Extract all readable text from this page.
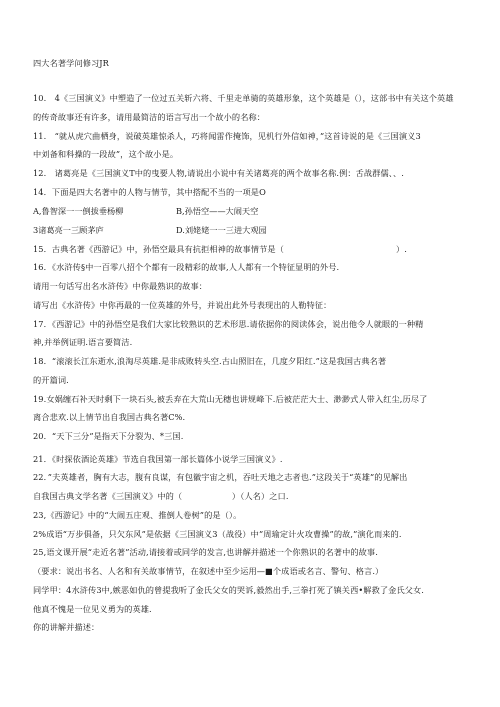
四大名著学问修习JR
10.　4《三国演义》中塑造了一位过五关斩六将、千里走单骑的英雄形象，这个英雄是（），这部书中有关这个英雄
的传奇故事还有许多，请用最简洁的语言写出一个故小的名称：
11.　“就从虎穴曲栖身，说破英雄惊杀人，巧将闻雷作掩饰，见机行外信如神，”这首诗说的是《三国演义3
中刘备和科操的一段故”，这个故小是。
12.　诸葛亮是《三国演义T中的曳要人物,请说出小说中有关诸葛亮的两个故事名称.例：舌战群儒、、.
14．下面是四大名著中的人物与情节，其中搭配不当的一项是O
A,鲁智深一一倒拔垂杨柳	B,孙悟空——大闹天空
3诸葛亮一三顾茅庐	D.刘姥姥一一三进大观园
15．古典名著《西游记》中，孙悟空最具有抗拒相神的故事情节是（	）.
16．《水浒传§中一百零八招个个都有一段精彩的故事,人人都有一个特征显明的外号.
请用一句话写出名水浒传》中你最熟识的故事：
请写出《水浒传》中你再最的一位英雄的外号，并说出此外号表现出的人勒特征：
17．《西游记》中的孙悟空是我们大家比较熟识的艺术形思.请依据你的阅读体会，说出他令人就眼的一种精
神,并举例证明.语言要简洁.
18．“滚滚长江东逝水,浪淘尽英雄.是非成败转头空.古山照旧在，几度夕阳红.”这是我国古典名著
的开篇词.
19.女娲缠石补天时剩下一块石头,被丢弃在大荒山无穗也讲规峰下.后被茫茫大士、渺渺式人带入红尘,历尽了
离合悲欢.以上情节出自我国古典名著C%.
20．“天下三分”是指天下分裂为、*三国.
21．《时探依酒论英雄》节选自我国第一部长篇体小说学三国演义》.
22．”夫英雄者，胸有大志，腹有良谋，有包徽宇宙之机，吞吐天地之志者也.”这段关于“英雄”的见解出
自我国古典文学名著《三国演义》中的（　　　　　　）（人名）之口.
23,《西游记》中的“大闹五庄观、推倒人卷树”的是（）。
2%成语“万步俱备，只欠东风”是依据《三国演义3（战役）中”周瑜定计火攻曹操”的故,”演化而来的.
25,语文课开展“走近名著”活动,请接着或同学的发言,也讲解并描述一个你熟识的名著中的故事.
（要求：说出书名、人名和有关故事情节，在叙述中至少运用—■个成语或名言、警句、格言.）
同学甲：4水浒传3中,嫉恶如仇的曾提我听了金氏父女的哭诉,毅然出手,三拳打死了镇关西•解救了金氏父女.
他真不愧是一位见义勇为的英雄.
你的讲解并描述：
